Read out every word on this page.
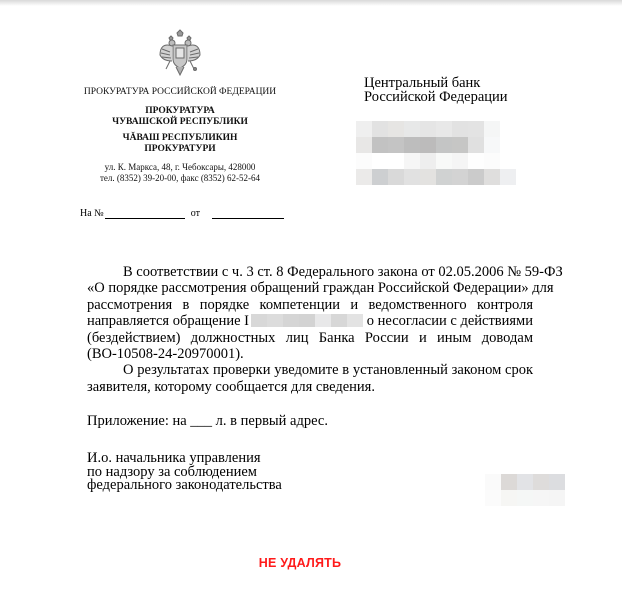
ПРОКУРАТУРА РОССИЙСКОЙ ФЕДЕРАЦИИ
ПРОКУРАТУРА
ЧУВАШСКОЙ РЕСПУБЛИКИ
ЧĂВАШ РЕСПУБЛИКИН
ПРОКУРАТУРИ
ул. К. Маркса, 48, г. Чебоксары, 428000
тел. (8352) 39-20-00, факс (8352) 62-52-64
На №	от
Центральный банк
Российской Федерации
В соответствии с ч. 3 ст. 8 Федерального закона от 02.05.2006 № 59-ФЗ
«О порядке рассмотрения обращений граждан Российской Федерации» для
рассмотрения в порядке компетенции и ведомственного контроля
направляется обращение I	о несогласии с действиями
(бездействием) должностных лиц Банка России и иным доводам
(ВО-10508-24-20970001).
О результатах проверки уведомите в установленный законом срок
заявителя, которому сообщается для сведения.
Приложение: на ___ л. в первый адрес.
И.о. начальника управления
по надзору за соблюдением
федерального законодательства
НЕ УДАЛЯТЬ
